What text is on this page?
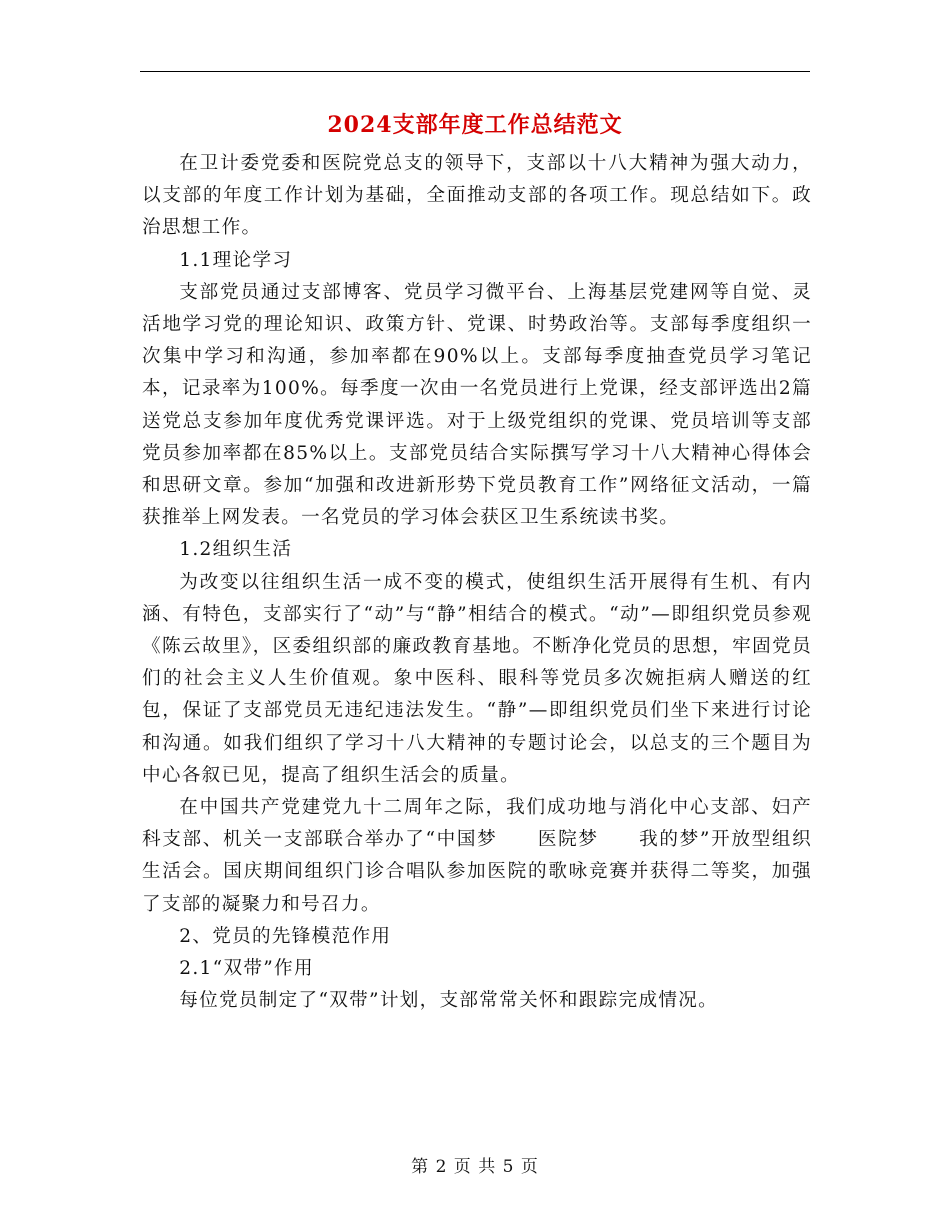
2024支部年度工作总结范文

在卫计委党委和医院党总支的领导下，支部以十八大精神为强大动力，以支部的年度工作计划为基础，全面推动支部的各项工作。现总结如下。政治思想工作。

1.1理论学习

支部党员通过支部博客、党员学习微平台、上海基层党建网等自觉、灵活地学习党的理论知识、政策方针、党课、时势政治等。支部每季度组织一次集中学习和沟通，参加率都在90%以上。支部每季度抽查党员学习笔记本，记录率为100%。每季度一次由一名党员进行上党课，经支部评选出2篇送党总支参加年度优秀党课评选。对于上级党组织的党课、党员培训等支部党员参加率都在85%以上。支部党员结合实际撰写学习十八大精神心得体会和思研文章。参加“加强和改进新形势下党员教育工作”网络征文活动，一篇获推举上网发表。一名党员的学习体会获区卫生系统读书奖。

1.2组织生活

为改变以往组织生活一成不变的模式，使组织生活开展得有生机、有内涵、有特色，支部实行了“动”与“静”相结合的模式。“动”—即组织党员参观《陈云故里》，区委组织部的廉政教育基地。不断净化党员的思想，牢固党员们的社会主义人生价值观。象中医科、眼科等党员多次婉拒病人赠送的红包，保证了支部党员无违纪违法发生。“静”—即组织党员们坐下来进行讨论和沟通。如我们组织了学习十八大精神的专题讨论会，以总支的三个题目为中心各叙已见，提高了组织生活会的质量。

在中国共产党建党九十二周年之际，我们成功地与消化中心支部、妇产科支部、机关一支部联合举办了“中国梦　　医院梦　　我的梦”开放型组织生活会。国庆期间组织门诊合唱队参加医院的歌咏竞赛并获得二等奖，加强了支部的凝聚力和号召力。

2、党员的先锋模范作用

2.1“双带”作用

每位党员制定了“双带”计划，支部常常关怀和跟踪完成情况。

第 2 页 共 5 页
